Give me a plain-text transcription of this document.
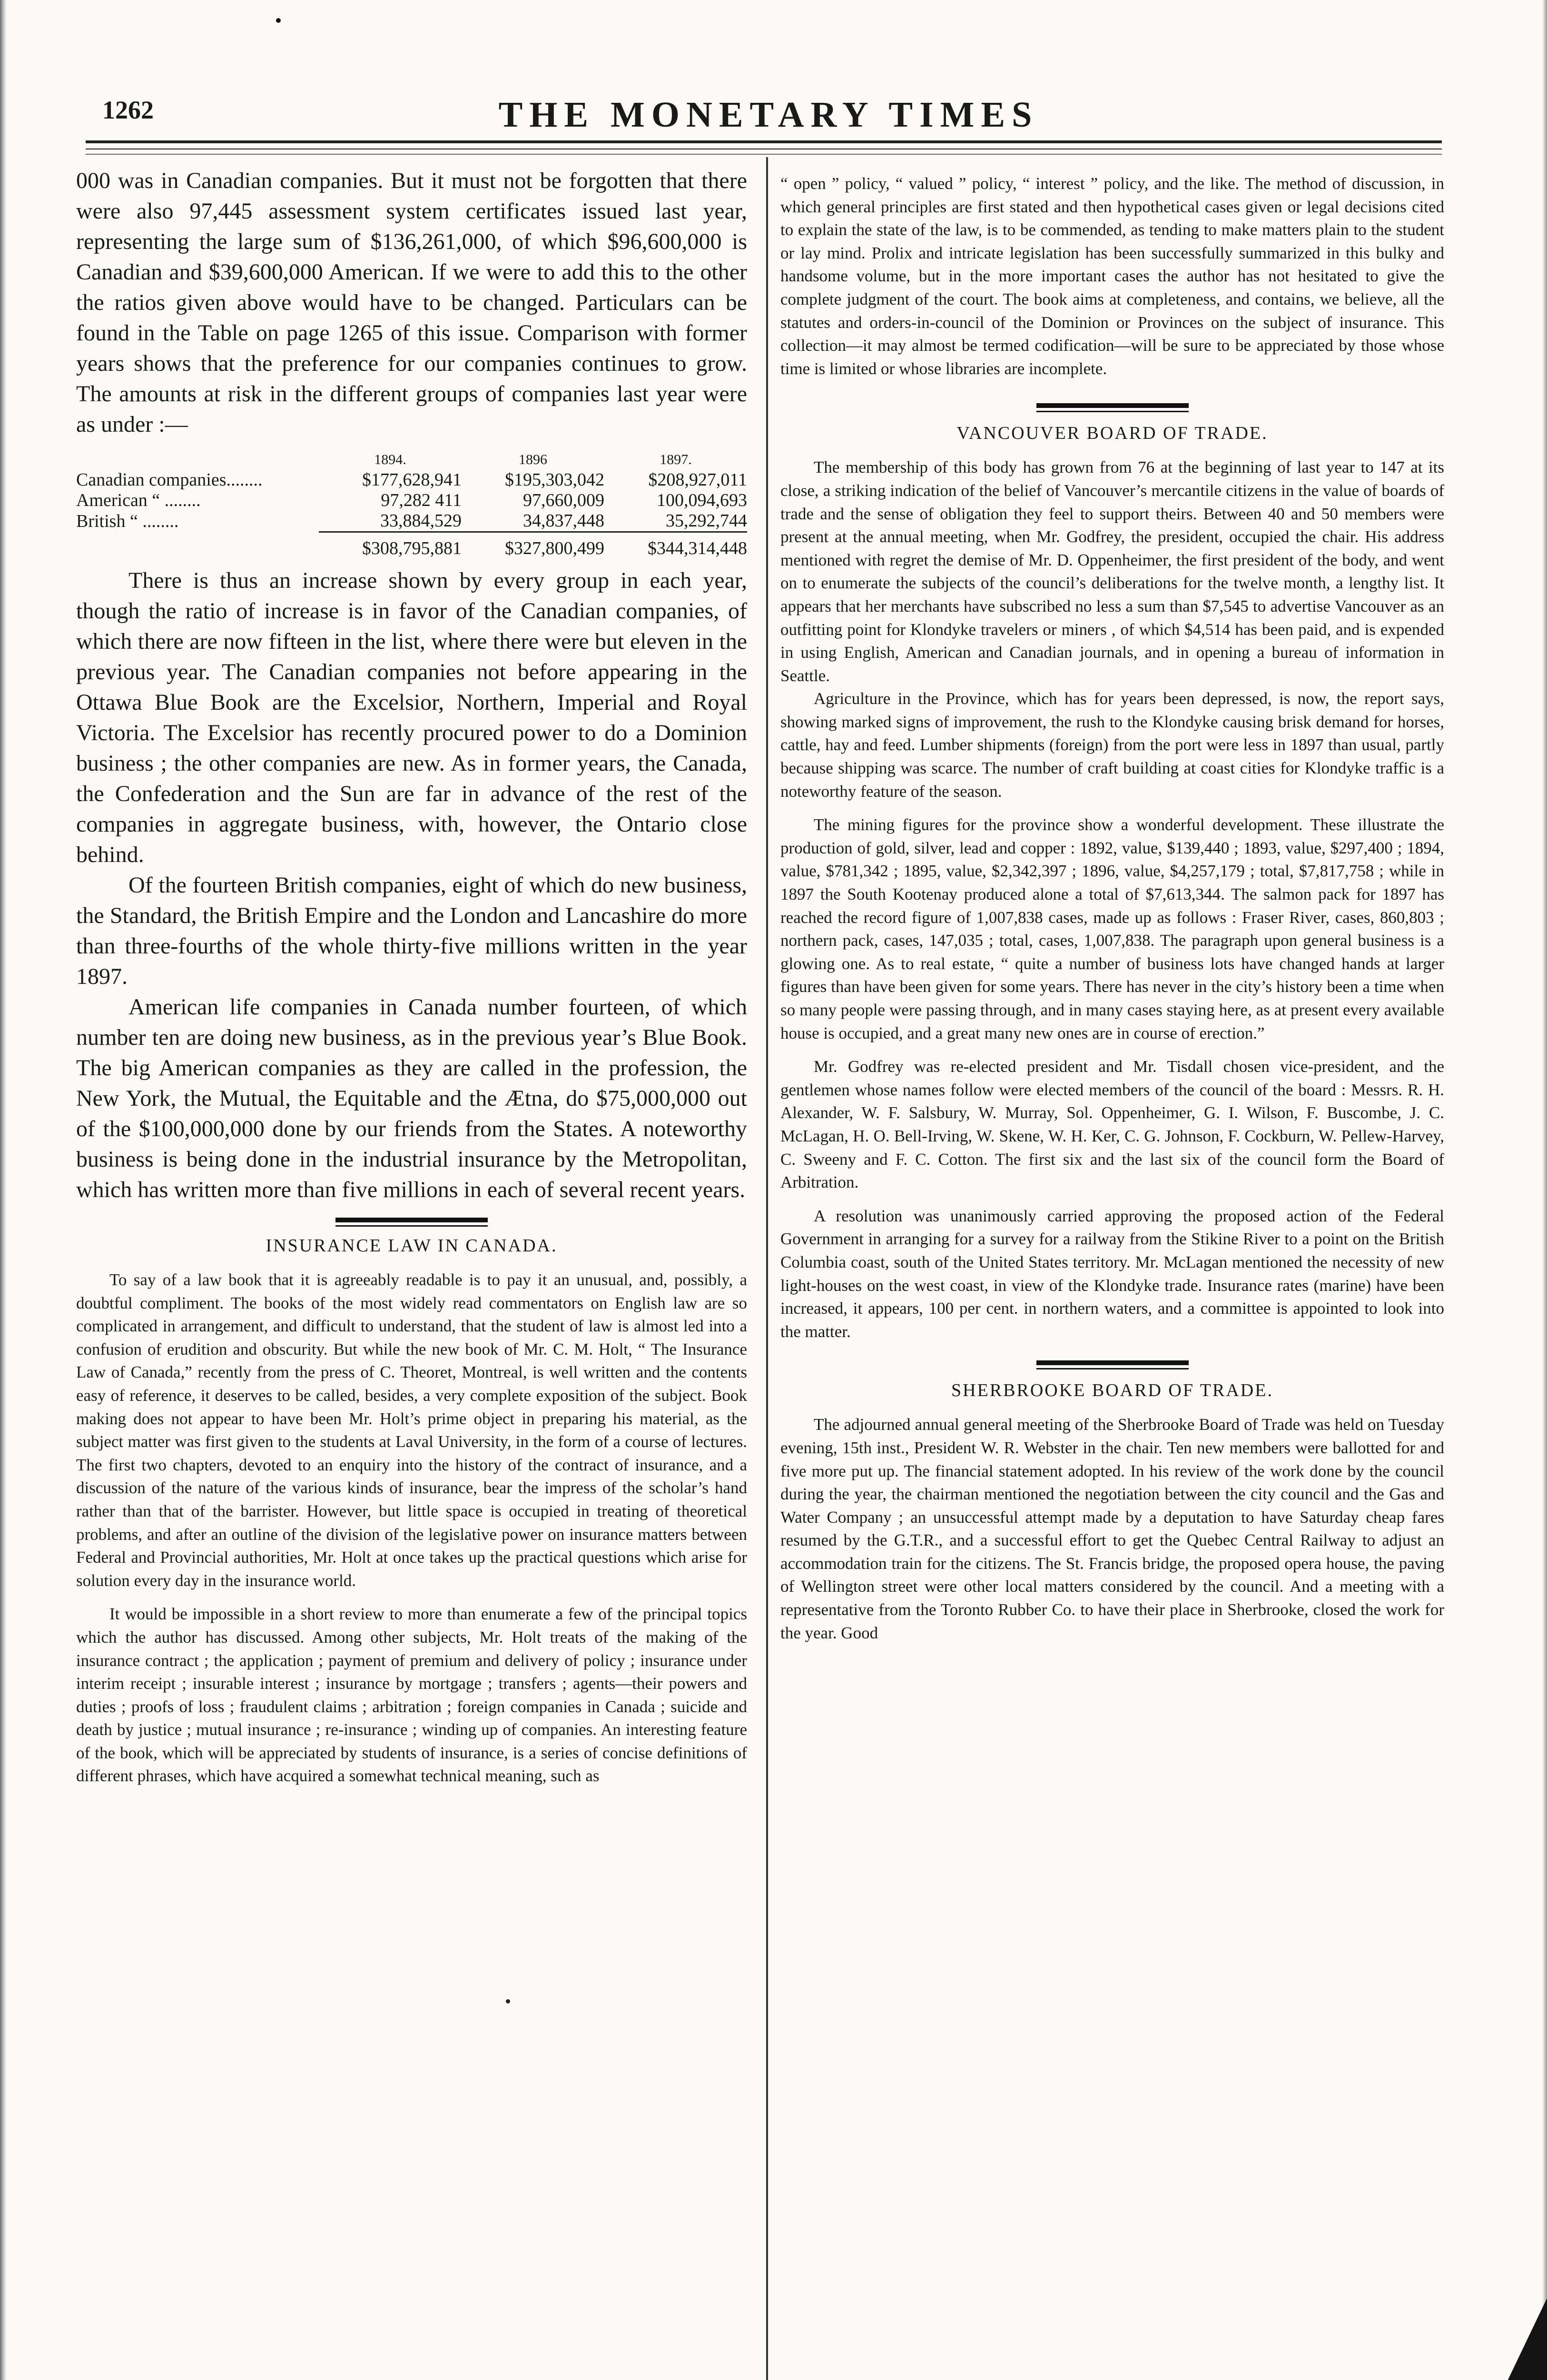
1262	THE MONETARY TIMES

000 was in Canadian companies. But it must not be forgotten that there were also 97,445 assessment system certificates issued last year, representing the large sum of $136,261,000, of which $96,600,000 is Canadian and $39,600,000 American. If we were to add this to the other the ratios given above would have to be changed. Particulars can be found in the Table on page 1265 of this issue. Comparison with former years shows that the preference for our companies continues to grow. The amounts at risk in the different groups of companies last year were as under :—

	1894.	1896	1897.
Canadian companies........	$177,628,941	$195,303,042	$208,927,011
American “ ........	97,282 411	97,660,009	100,094,693
British “ ........	33,884,529	34,837,448	35,292,744
	$308,795,881	$327,800,499	$344,314,448

There is thus an increase shown by every group in each year, though the ratio of increase is in favor of the Canadian companies, of which there are now fifteen in the list, where there were but eleven in the previous year. The Canadian companies not before appearing in the Ottawa Blue Book are the Excelsior, Northern, Imperial and Royal Victoria. The Excelsior has recently procured power to do a Dominion business ; the other companies are new. As in former years, the Canada, the Confederation and the Sun are far in advance of the rest of the companies in aggregate business, with, however, the Ontario close behind.

Of the fourteen British companies, eight of which do new business, the Standard, the British Empire and the London and Lancashire do more than three-fourths of the whole thirty-five millions written in the year 1897.

American life companies in Canada number fourteen, of which number ten are doing new business, as in the previous year’s Blue Book. The big American companies as they are called in the profession, the New York, the Mutual, the Equitable and the Ætna, do $75,000,000 out of the $100,000,000 done by our friends from the States. A noteworthy business is being done in the industrial insurance by the Metropolitan, which has written more than five millions in each of several recent years.

INSURANCE LAW IN CANADA.

To say of a law book that it is agreeably readable is to pay it an unusual, and, possibly, a doubtful compliment. The books of the most widely read commentators on English law are so complicated in arrangement, and difficult to understand, that the student of law is almost led into a confusion of erudition and obscurity. But while the new book of Mr. C. M. Holt, “ The Insurance Law of Canada,” recently from the press of C. Theoret, Montreal, is well written and the contents easy of reference, it deserves to be called, besides, a very complete exposition of the subject. Book making does not appear to have been Mr. Holt’s prime object in preparing his material, as the subject matter was first given to the students at Laval University, in the form of a course of lectures. The first two chapters, devoted to an enquiry into the history of the contract of insurance, and a discussion of the nature of the various kinds of insurance, bear the impress of the scholar’s hand rather than that of the barrister. However, but little space is occupied in treating of theoretical problems, and after an outline of the division of the legislative power on insurance matters between Federal and Provincial authorities, Mr. Holt at once takes up the practical questions which arise for solution every day in the insurance world.

It would be impossible in a short review to more than enumerate a few of the principal topics which the author has discussed. Among other subjects, Mr. Holt treats of the making of the insurance contract ; the application ; payment of premium and delivery of policy ; insurance under interim receipt ; insurable interest ; insurance by mortgage ; transfers ; agents—their powers and duties ; proofs of loss ; fraudulent claims ; arbitration ; foreign companies in Canada ; suicide and death by justice ; mutual insurance ; re-insurance ; winding up of companies. An interesting feature of the book, which will be appreciated by students of insurance, is a series of concise definitions of different phrases, which have acquired a somewhat technical meaning, such as

“ open ” policy, “ valued ” policy, “ interest ” policy, and the like. The method of discussion, in which general principles are first stated and then hypothetical cases given or legal decisions cited to explain the state of the law, is to be commended, as tending to make matters plain to the student or lay mind. Prolix and intricate legislation has been successfully summarized in this bulky and handsome volume, but in the more important cases the author has not hesitated to give the complete judgment of the court. The book aims at completeness, and contains, we believe, all the statutes and orders-in-council of the Dominion or Provinces on the subject of insurance. This collection—it may almost be termed codification—will be sure to be appreciated by those whose time is limited or whose libraries are incomplete.

VANCOUVER BOARD OF TRADE.

The membership of this body has grown from 76 at the beginning of last year to 147 at its close, a striking indication of the belief of Vancouver’s mercantile citizens in the value of boards of trade and the sense of obligation they feel to support theirs. Between 40 and 50 members were present at the annual meeting, when Mr. Godfrey, the president, occupied the chair. His address mentioned with regret the demise of Mr. D. Oppenheimer, the first president of the body, and went on to enumerate the subjects of the council’s deliberations for the twelve month, a lengthy list. It appears that her merchants have subscribed no less a sum than $7,545 to advertise Vancouver as an outfitting point for Klondyke travelers or miners , of which $4,514 has been paid, and is expended in using English, American and Canadian journals, and in opening a bureau of information in Seattle.

Agriculture in the Province, which has for years been depressed, is now, the report says, showing marked signs of improvement, the rush to the Klondyke causing brisk demand for horses, cattle, hay and feed. Lumber shipments (foreign) from the port were less in 1897 than usual, partly because shipping was scarce. The number of craft building at coast cities for Klondyke traffic is a noteworthy feature of the season.

The mining figures for the province show a wonderful development. These illustrate the production of gold, silver, lead and copper : 1892, value, $139,440 ; 1893, value, $297,400 ; 1894, value, $781,342 ; 1895, value, $2,342,397 ; 1896, value, $4,257,179 ; total, $7,817,758 ; while in 1897 the South Kootenay produced alone a total of $7,613,344. The salmon pack for 1897 has reached the record figure of 1,007,838 cases, made up as follows : Fraser River, cases, 860,803 ; northern pack, cases, 147,035 ; total, cases, 1,007,838. The paragraph upon general business is a glowing one. As to real estate, “ quite a number of business lots have changed hands at larger figures than have been given for some years. There has never in the city’s history been a time when so many people were passing through, and in many cases staying here, as at present every available house is occupied, and a great many new ones are in course of erection.”

Mr. Godfrey was re-elected president and Mr. Tisdall chosen vice-president, and the gentlemen whose names follow were elected members of the council of the board : Messrs. R. H. Alexander, W. F. Salsbury, W. Murray, Sol. Oppenheimer, G. I. Wilson, F. Buscombe, J. C. McLagan, H. O. Bell-Irving, W. Skene, W. H. Ker, C. G. Johnson, F. Cockburn, W. Pellew-Harvey, C. Sweeny and F. C. Cotton. The first six and the last six of the council form the Board of Arbitration.

A resolution was unanimously carried approving the proposed action of the Federal Government in arranging for a survey for a railway from the Stikine River to a point on the British Columbia coast, south of the United States territory. Mr. McLagan mentioned the necessity of new light-houses on the west coast, in view of the Klondyke trade. Insurance rates (marine) have been increased, it appears, 100 per cent. in northern waters, and a committee is appointed to look into the matter.

SHERBROOKE BOARD OF TRADE.

The adjourned annual general meeting of the Sherbrooke Board of Trade was held on Tuesday evening, 15th inst., President W. R. Webster in the chair. Ten new members were ballotted for and five more put up. The financial statement adopted. In his review of the work done by the council during the year, the chairman mentioned the negotiation between the city council and the Gas and Water Company ; an unsuccessful attempt made by a deputation to have Saturday cheap fares resumed by the G.T.R., and a successful effort to get the Quebec Central Railway to adjust an accommodation train for the citizens. The St. Francis bridge, the proposed opera house, the paving of Wellington street were other local matters considered by the council. And a meeting with a representative from the Toronto Rubber Co. to have their place in Sherbrooke, closed the work for the year. Good
